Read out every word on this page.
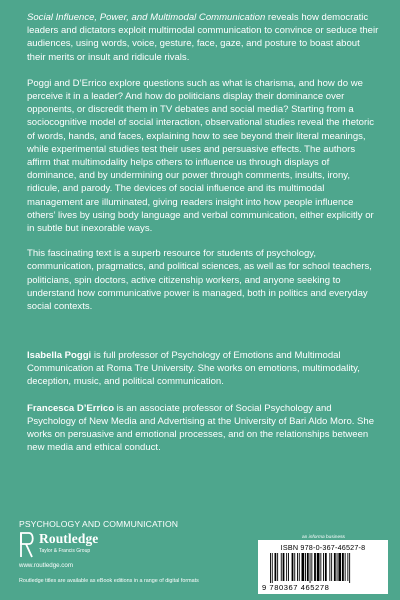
Social Influence, Power, and Multimodal Communication reveals how democratic leaders and dictators exploit multimodal communication to convince or seduce their audiences, using words, voice, gesture, face, gaze, and posture to boast about their merits or insult and ridicule rivals.

Poggi and D’Errico explore questions such as what is charisma, and how do we perceive it in a leader? And how do politicians display their dominance over opponents, or discredit them in TV debates and social media? Starting from a sociocognitive model of social interaction, observational studies reveal the rhetoric of words, hands, and faces, explaining how to see beyond their literal meanings, while experimental studies test their uses and persuasive effects. The authors affirm that multimodality helps others to influence us through displays of dominance, and by undermining our power through comments, insults, irony, ridicule, and parody. The devices of social influence and its multimodal management are illuminated, giving readers insight into how people influence others’ lives by using body language and verbal communication, either explicitly or in subtle but inexorable ways.

This fascinating text is a superb resource for students of psychology, communication, pragmatics, and political sciences, as well as for school teachers, politicians, spin doctors, active citizenship workers, and anyone seeking to understand how communicative power is managed, both in politics and everyday social contexts.

Isabella Poggi is full professor of Psychology of Emotions and Multimodal Communication at Roma Tre University. She works on emotions, multimodality, deception, music, and political communication.

Francesca D’Errico is an associate professor of Social Psychology and Psychology of New Media and Advertising at the University of Bari Aldo Moro. She works on persuasive and emotional processes, and on the relationships between new media and ethical conduct.

PSYCHOLOGY AND COMMUNICATION
Routledge
Taylor & Francis Group
www.routledge.com
Routledge titles are available as eBook editions in a range of digital formats
an informa business
ISBN 978-0-367-46527-8
9 780367 465278
